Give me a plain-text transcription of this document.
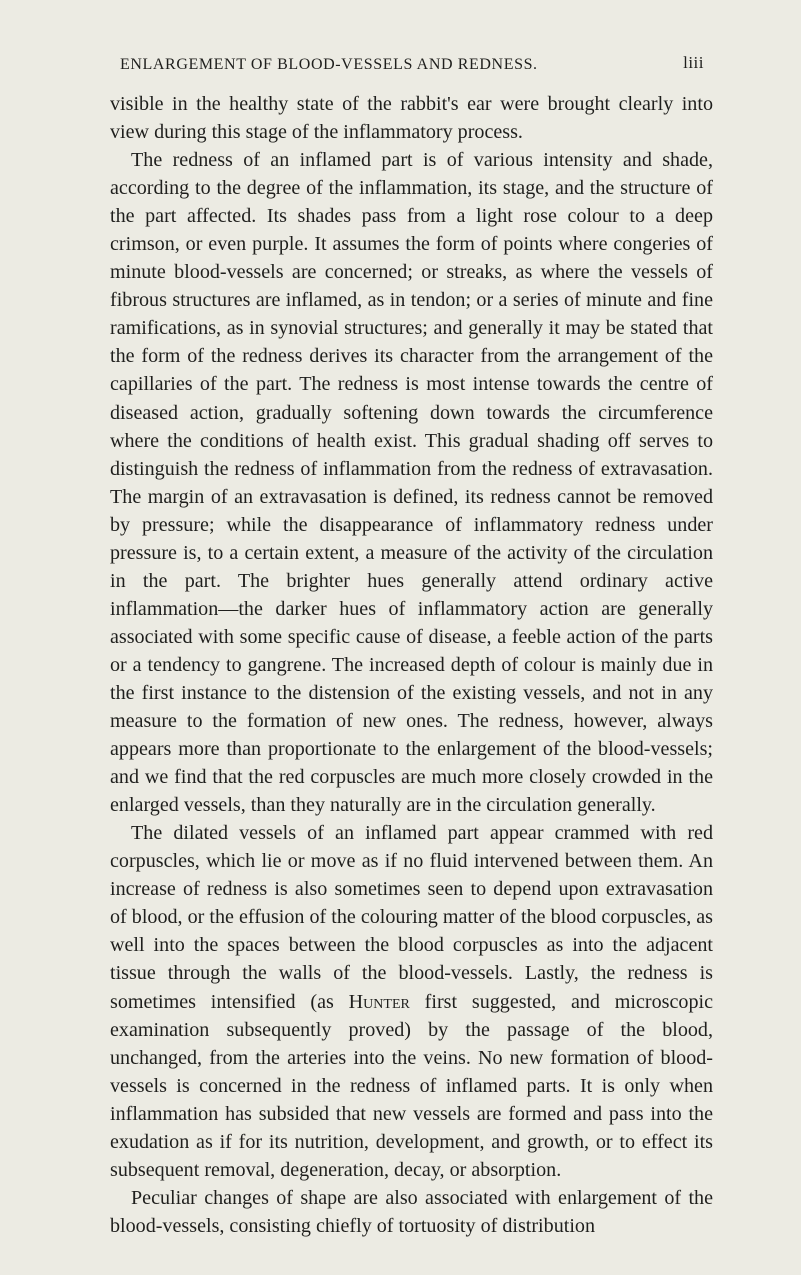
ENLARGEMENT OF BLOOD-VESSELS AND REDNESS.	liii

visible in the healthy state of the rabbit's ear were brought clearly into view during this stage of the inflammatory process.

The redness of an inflamed part is of various intensity and shade, according to the degree of the inflammation, its stage, and the structure of the part affected. Its shades pass from a light rose colour to a deep crimson, or even purple. It assumes the form of points where congeries of minute blood-vessels are concerned; or streaks, as where the vessels of fibrous structures are inflamed, as in tendon; or a series of minute and fine ramifications, as in synovial structures; and generally it may be stated that the form of the redness derives its character from the arrangement of the capillaries of the part. The redness is most intense towards the centre of diseased action, gradually softening down towards the circumference where the conditions of health exist. This gradual shading off serves to distinguish the redness of inflammation from the redness of extravasation. The margin of an extravasation is defined, its redness cannot be removed by pressure; while the disappearance of inflammatory redness under pressure is, to a certain extent, a measure of the activity of the circulation in the part. The brighter hues generally attend ordinary active inflammation—the darker hues of inflammatory action are generally associated with some specific cause of disease, a feeble action of the parts or a tendency to gangrene. The increased depth of colour is mainly due in the first instance to the distension of the existing vessels, and not in any measure to the formation of new ones. The redness, however, always appears more than proportionate to the enlargement of the blood-vessels; and we find that the red corpuscles are much more closely crowded in the enlarged vessels, than they naturally are in the circulation generally.

The dilated vessels of an inflamed part appear crammed with red corpuscles, which lie or move as if no fluid intervened between them. An increase of redness is also sometimes seen to depend upon extravasation of blood, or the effusion of the colouring matter of the blood corpuscles, as well into the spaces between the blood corpuscles as into the adjacent tissue through the walls of the blood-vessels. Lastly, the redness is sometimes intensified (as Hunter first suggested, and microscopic examination subsequently proved) by the passage of the blood, unchanged, from the arteries into the veins. No new formation of blood-vessels is concerned in the redness of inflamed parts. It is only when inflammation has subsided that new vessels are formed and pass into the exudation as if for its nutrition, development, and growth, or to effect its subsequent removal, degeneration, decay, or absorption.

Peculiar changes of shape are also associated with enlargement of the blood-vessels, consisting chiefly of tortuosity of distribution
